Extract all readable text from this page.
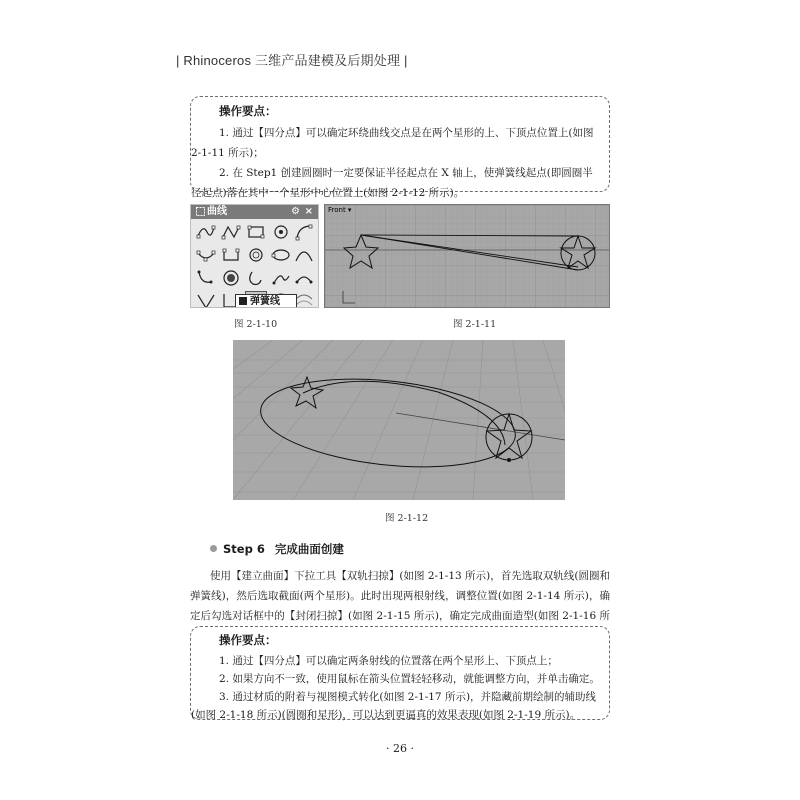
| Rhinoceros 三维产品建模及后期处理 |

操作要点：

1. 通过【四分点】可以确定环绕曲线交点是在两个星形的上、下顶点位置上(如图 2-1-11 所示)；

2. 在 Step1 创建圆圈时一定要保证半径起点在 X 轴上，使弹簧线起点(即圆圈半径起点)落在其中一个星形中心位置上(如图 2-1-12 所示)。

曲线	⚙ ×
弹簧线
图 2-1-10
Front ▾
图 2-1-11
图 2-1-12
Step 6 完成曲面创建
使用【建立曲面】下拉工具【双轨扫掠】(如图 2-1-13 所示)，首先选取双轨线(圆圈和弹簧线)，然后选取截面(两个星形)。此时出现两根射线，调整位置(如图 2-1-14 所示)，确定后勾选对话框中的【封闭扫掠】(如图 2-1-15 所示)，确定完成曲面造型(如图 2-1-16 所

操作要点：

1. 通过【四分点】可以确定两条射线的位置落在两个星形上、下顶点上；

2. 如果方向不一致，使用鼠标在箭头位置轻轻移动，就能调整方向，并单击确定。

3. 通过材质的附着与视图模式转化(如图 2-1-17 所示)，并隐藏前期绘制的辅助线(如图 2-1-18 所示)(圆圈和星形)，可以达到更逼真的效果表现(如图 2-1-19 所示)。

· 26 ·
